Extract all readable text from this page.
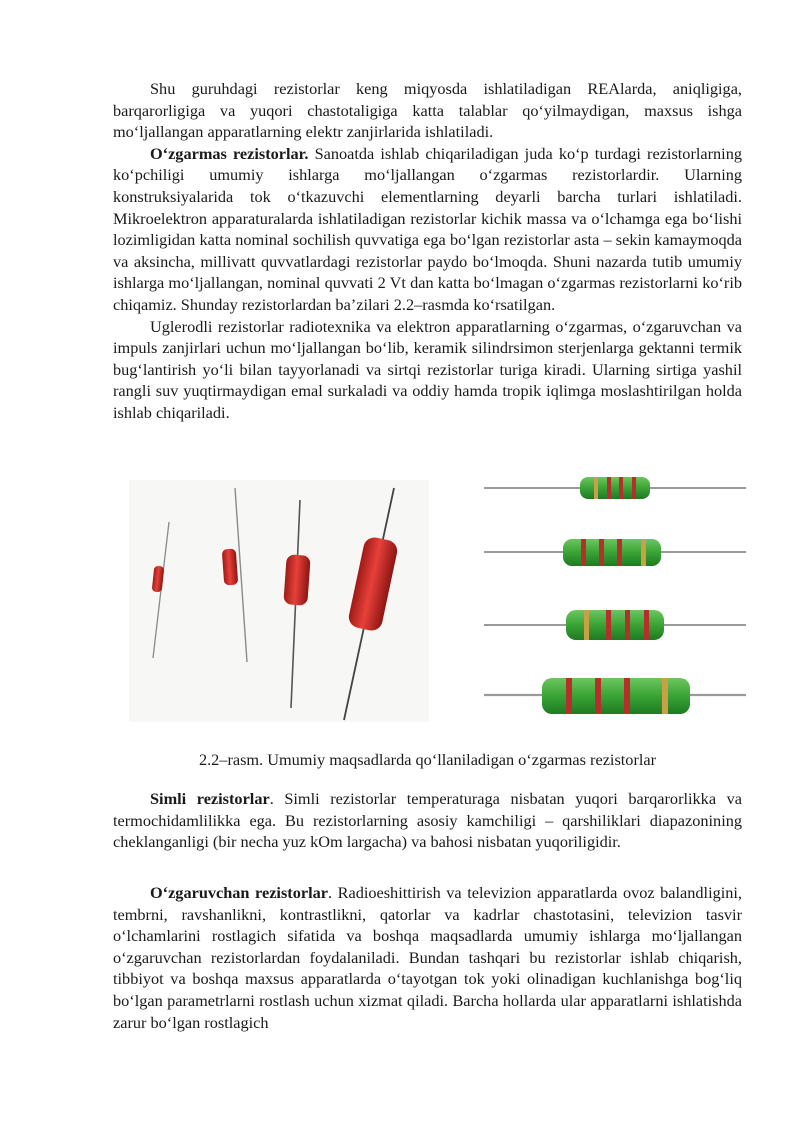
Shu guruhdagi rezistorlar keng miqyosda ishlatiladigan REAlarda, aniqligiga, barqarorligiga va yuqori chastotaligiga katta talablar qo‘yilmaydigan, maxsus ishga mo‘ljallangan apparatlarning elektr zanjirlarida ishlatiladi.

O‘zgarmas rezistorlar. Sanoatda ishlab chiqariladigan juda ko‘p turdagi rezistorlarning ko‘pchiligi umumiy ishlarga mo‘ljallangan o‘zgarmas rezistorlardir. Ularning konstruksiyalarida tok o‘tkazuvchi elementlarning deyarli barcha turlari ishlatiladi. Mikroelektron apparaturalarda ishlatiladigan rezistorlar kichik massa va o‘lchamga ega bo‘lishi lozimligidan katta nominal sochilish quvvatiga ega bo‘lgan rezistorlar asta – sekin kamaymoqda va aksincha, millivatt quvvatlardagi rezistorlar paydo bo‘lmoqda. Shuni nazarda tutib umumiy ishlarga mo‘ljallangan, nominal quvvati 2 Vt dan katta bo‘lmagan o‘zgarmas rezistorlarni ko‘rib chiqamiz. Shunday rezistorlardan ba’zilari 2.2–rasmda ko‘rsatilgan.

Uglerodli rezistorlar radiotexnika va elektron apparatlarning o‘zgarmas, o‘zgaruvchan va impuls zanjirlari uchun mo‘ljallangan bo‘lib, keramik silindrsimon sterjenlarga gektanni termik bug‘lantirish yo‘li bilan tayyorlanadi va sirtqi rezistorlar turiga kiradi. Ularning sirtiga yashil rangli suv yuqtirmaydigan emal surkaladi va oddiy hamda tropik iqlimga moslashtirilgan holda ishlab chiqariladi.

2.2–rasm. Umumiy maqsadlarda qo‘llaniladigan o‘zgarmas rezistorlar

Simli rezistorlar. Simli rezistorlar temperaturaga nisbatan yuqori barqarorlikka va termochidamlilikka ega. Bu rezistorlarning asosiy kamchiligi – qarshiliklari diapazonining cheklanganligi (bir necha yuz kOm largacha) va bahosi nisbatan yuqoriligidir.

O‘zgaruvchan rezistorlar. Radioeshittirish va televizion apparatlarda ovoz balandligini, tembrni, ravshanlikni, kontrastlikni, qatorlar va kadrlar chastotasini, televizion tasvir o‘lchamlarini rostlagich sifatida va boshqa maqsadlarda umumiy ishlarga mo‘ljallangan o‘zgaruvchan rezistorlardan foydalaniladi. Bundan tashqari bu rezistorlar ishlab chiqarish, tibbiyot va boshqa maxsus apparatlarda o‘tayotgan tok yoki olinadigan kuchlanishga bog‘liq bo‘lgan parametrlarni rostlash uchun xizmat qiladi. Barcha hollarda ular apparatlarni ishlatishda zarur bo‘lgan rostlagich
